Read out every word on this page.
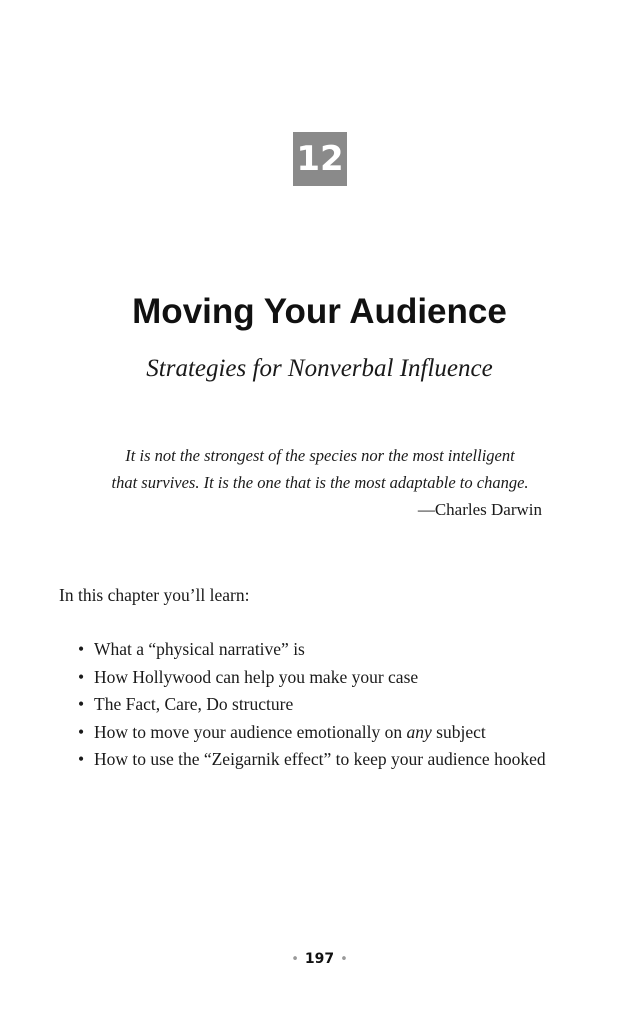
12
Moving Your Audience
Strategies for Nonverbal Influence
It is not the strongest of the species nor the most intelligent
that survives. It is the one that is the most adaptable to change.
—Charles Darwin
In this chapter you’ll learn:
• What a “physical narrative” is
• How Hollywood can help you make your case
• The Fact, Care, Do structure
• How to move your audience emotionally on any subject
• How to use the “Zeigarnik effect” to keep your audience hooked
• 197 •
